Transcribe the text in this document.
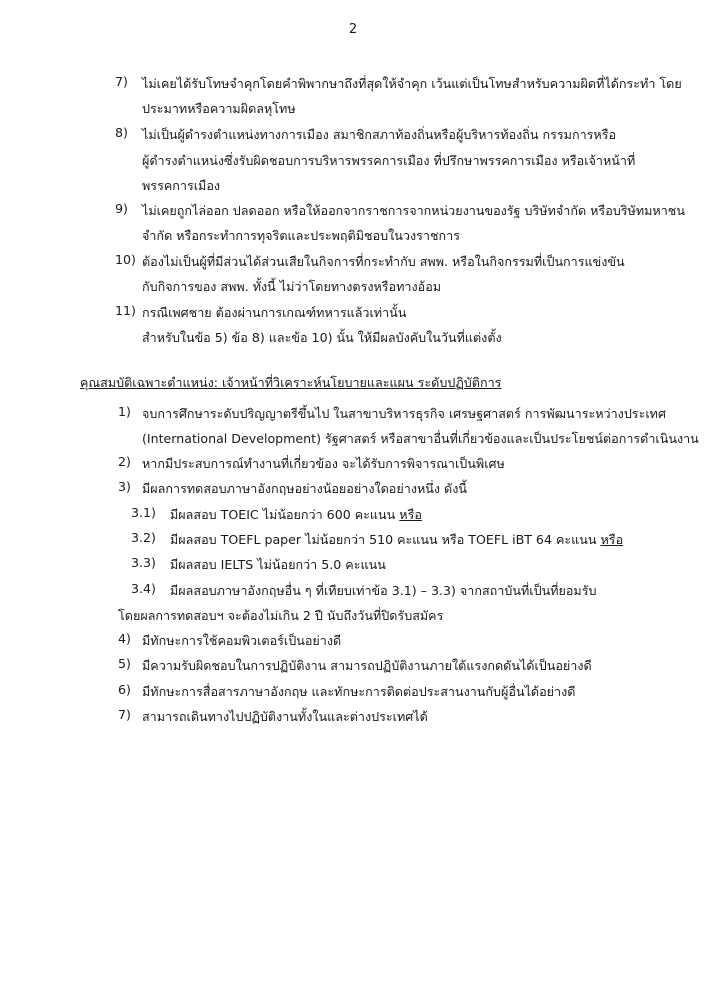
2
7) ไม่เคยได้รับโทษจำคุกโดยคำพิพากษาถึงที่สุดให้จำคุก เว้นแต่เป็นโทษสำหรับความผิดที่ได้กระทำ โดย
ประมาทหรือความผิดลหุโทษ
8) ไม่เป็นผู้ดำรงตำแหน่งทางการเมือง สมาชิกสภาท้องถิ่นหรือผู้บริหารท้องถิ่น กรรมการหรือ
ผู้ดำรงตำแหน่งซึ่งรับผิดชอบการบริหารพรรคการเมือง ที่ปรึกษาพรรคการเมือง หรือเจ้าหน้าที่
พรรคการเมือง
9) ไม่เคยถูกไล่ออก ปลดออก หรือให้ออกจากราชการจากหน่วยงานของรัฐ บริษัทจำกัด หรือบริษัทมหาชน
จำกัด หรือกระทำการทุจริตและประพฤติมิชอบในวงราชการ
10) ต้องไม่เป็นผู้ที่มีส่วนได้ส่วนเสียในกิจการที่กระทำกับ สพพ. หรือในกิจกรรมที่เป็นการแข่งขัน
กับกิจการของ สพพ. ทั้งนี้ ไม่ว่าโดยทางตรงหรือทางอ้อม
11) กรณีเพศชาย ต้องผ่านการเกณฑ์ทหารแล้วเท่านั้น
สำหรับในข้อ 5) ข้อ 8) และข้อ 10) นั้น ให้มีผลบังคับในวันที่แต่งตั้ง
คุณสมบัติเฉพาะตำแหน่ง: เจ้าหน้าที่วิเคราะห์นโยบายและแผน ระดับปฏิบัติการ
1) จบการศึกษาระดับปริญญาตรีขึ้นไป ในสาขาบริหารธุรกิจ เศรษฐศาสตร์ การพัฒนาระหว่างประเทศ
(International Development) รัฐศาสตร์ หรือสาขาอื่นที่เกี่ยวข้องและเป็นประโยชน์ต่อการดำเนินงาน
2) หากมีประสบการณ์ทำงานที่เกี่ยวข้อง จะได้รับการพิจารณาเป็นพิเศษ
3) มีผลการทดสอบภาษาอังกฤษอย่างน้อยอย่างใดอย่างหนึ่ง ดังนี้
3.1) มีผลสอบ TOEIC ไม่น้อยกว่า 600 คะแนน หรือ
3.2) มีผลสอบ TOEFL paper ไม่น้อยกว่า 510 คะแนน หรือ TOEFL iBT 64 คะแนน หรือ
3.3) มีผลสอบ IELTS ไม่น้อยกว่า 5.0 คะแนน
3.4) มีผลสอบภาษาอังกฤษอื่น ๆ ที่เทียบเท่าข้อ 3.1) – 3.3) จากสถาบันที่เป็นที่ยอมรับ
โดยผลการทดสอบฯ จะต้องไม่เกิน 2 ปี นับถึงวันที่ปิดรับสมัคร
4) มีทักษะการใช้คอมพิวเตอร์เป็นอย่างดี
5) มีความรับผิดชอบในการปฏิบัติงาน สามารถปฏิบัติงานภายใต้แรงกดดันได้เป็นอย่างดี
6) มีทักษะการสื่อสารภาษาอังกฤษ และทักษะการติดต่อประสานงานกับผู้อื่นได้อย่างดี
7) สามารถเดินทางไปปฏิบัติงานทั้งในและต่างประเทศได้
